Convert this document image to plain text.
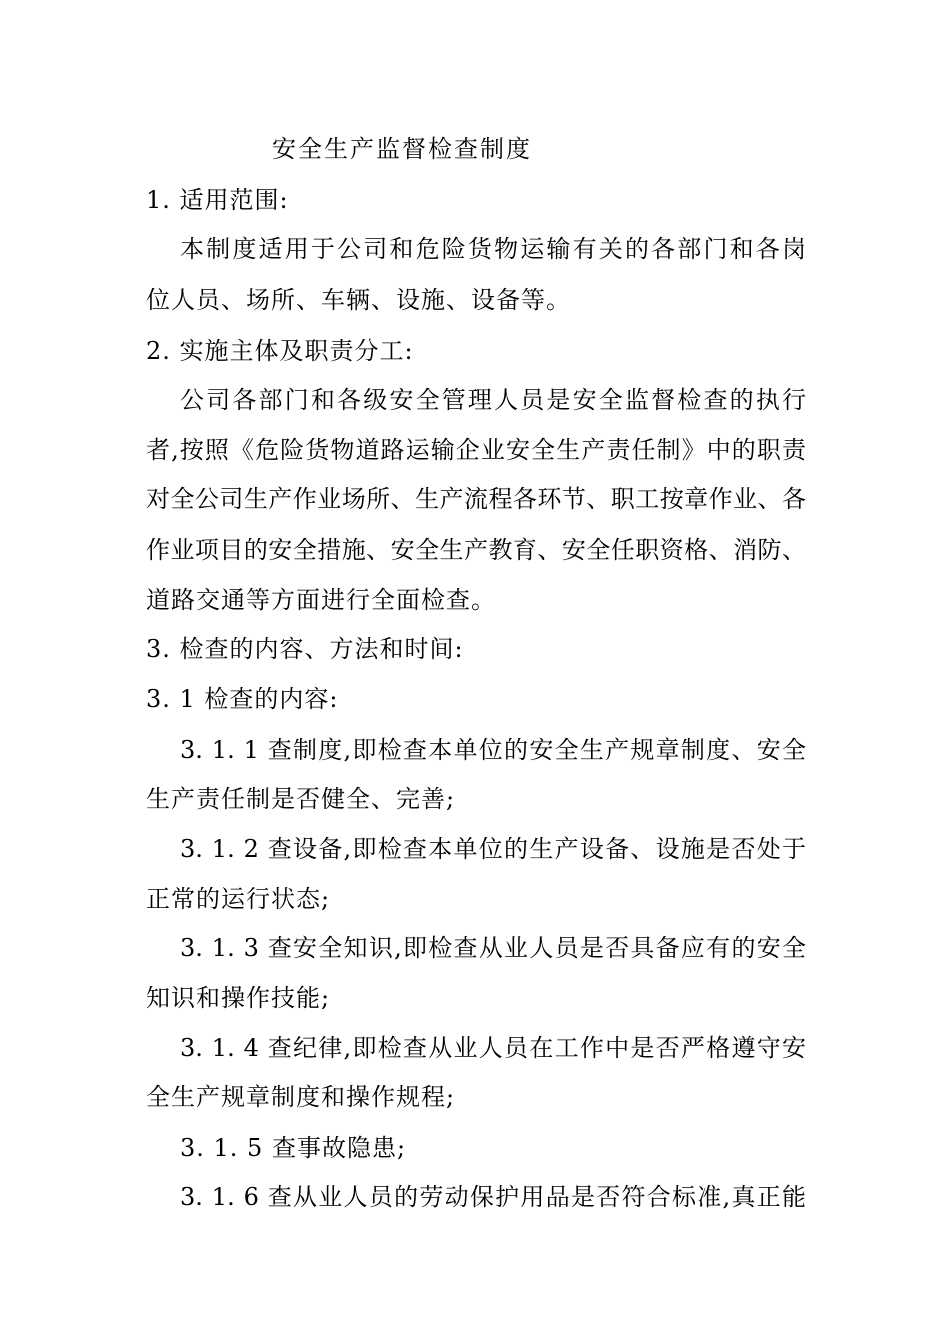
安全生产监督检查制度

1. 适用范围:

本制度适用于公司和危险货物运输有关的各部门和各岗

位人员、场所、车辆、设施、设备等。

2. 实施主体及职责分工:

公司各部门和各级安全管理人员是安全监督检查的执行

者,按照《危险货物道路运输企业安全生产责任制》中的职责

对全公司生产作业场所、生产流程各环节、职工按章作业、各

作业项目的安全措施、安全生产教育、安全任职资格、消防、

道路交通等方面进行全面检查。

3. 检查的内容、方法和时间:

3. 1 检查的内容:

3. 1. 1 查制度,即检查本单位的安全生产规章制度、安全

生产责任制是否健全、完善;

3. 1. 2 查设备,即检查本单位的生产设备、设施是否处于

正常的运行状态;

3. 1. 3 查安全知识,即检查从业人员是否具备应有的安全

知识和操作技能;

3. 1. 4 查纪律,即检查从业人员在工作中是否严格遵守安

全生产规章制度和操作规程;

3. 1. 5 查事故隐患;

3. 1. 6 查从业人员的劳动保护用品是否符合标准,真正能
